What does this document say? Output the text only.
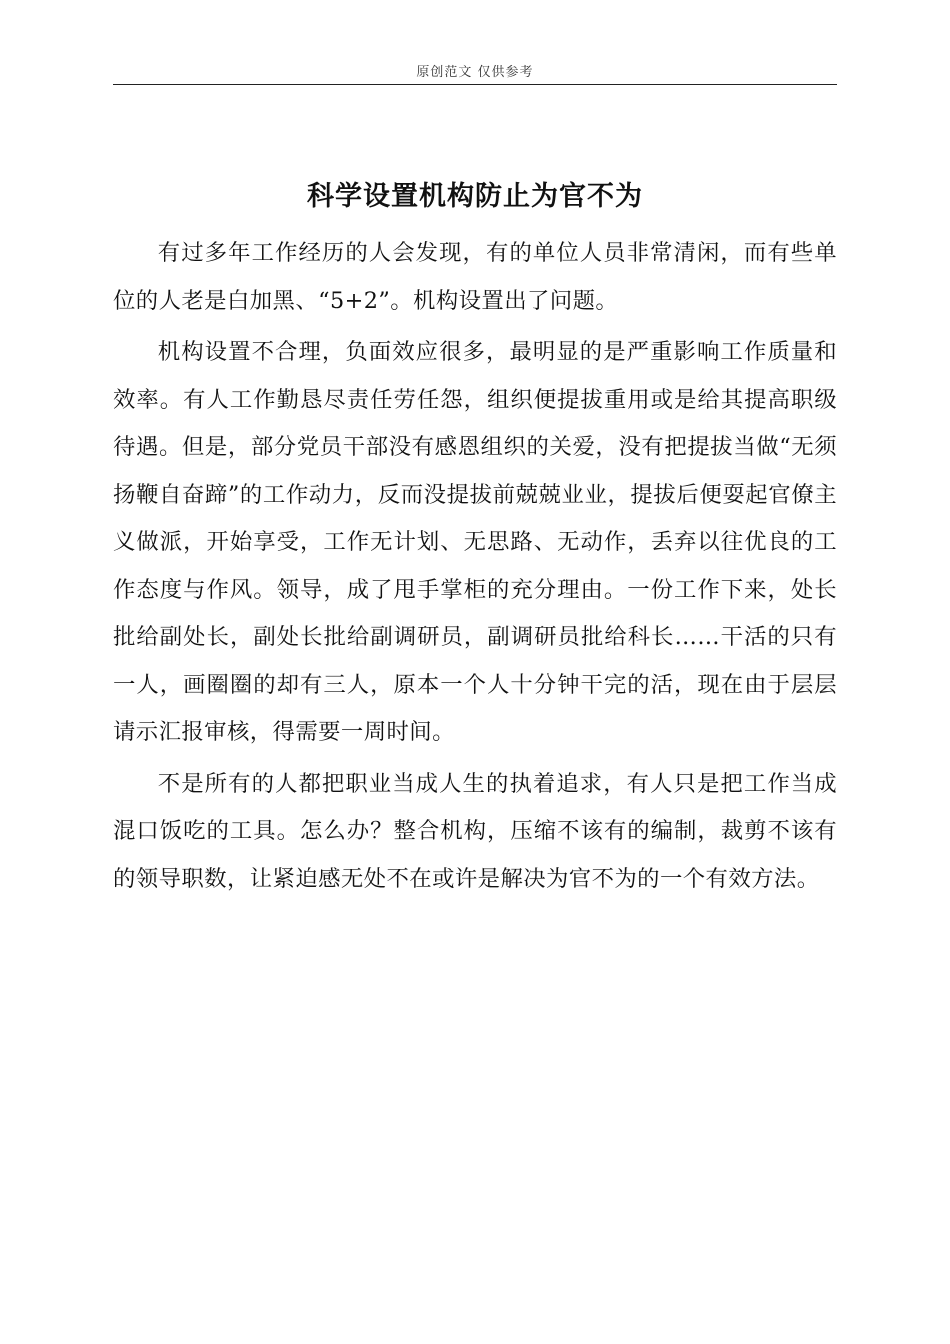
原创范文 仅供参考
科学设置机构防止为官不为

有过多年工作经历的人会发现，有的单位人员非常清闲，而有些单位的人老是白加黑、“5+2”。机构设置出了问题。

机构设置不合理，负面效应很多，最明显的是严重影响工作质量和效率。有人工作勤恳尽责任劳任怨，组织便提拔重用或是给其提高职级待遇。但是，部分党员干部没有感恩组织的关爱，没有把提拔当做“无须扬鞭自奋蹄”的工作动力，反而没提拔前兢兢业业，提拔后便耍起官僚主义做派，开始享受，工作无计划、无思路、无动作，丢弃以往优良的工作态度与作风。领导，成了甩手掌柜的充分理由。一份工作下来，处长批给副处长，副处长批给副调研员，副调研员批给科长……干活的只有一人，画圈圈的却有三人，原本一个人十分钟干完的活，现在由于层层请示汇报审核，得需要一周时间。

不是所有的人都把职业当成人生的执着追求，有人只是把工作当成混口饭吃的工具。怎么办？整合机构，压缩不该有的编制，裁剪不该有的领导职数，让紧迫感无处不在或许是解决为官不为的一个有效方法。
